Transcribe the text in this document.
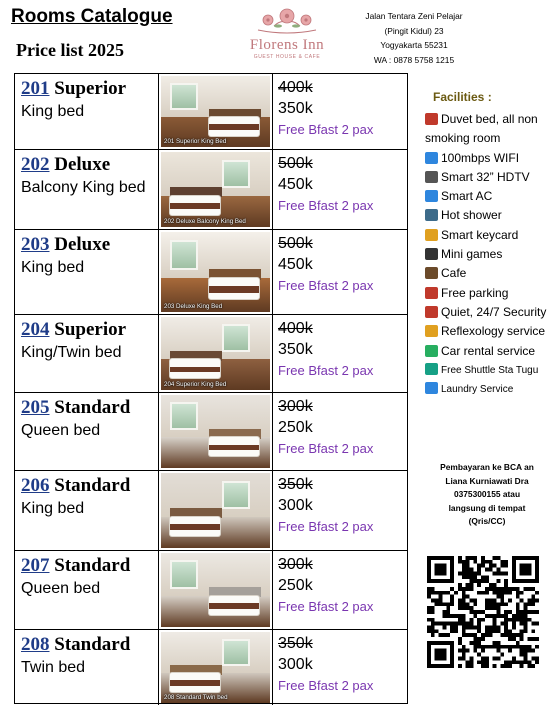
Rooms Catalogue
Price list 2025	Florens Inn
GUEST HOUSE & CAFE
Jalan Tentara Zeni Pelajar
(Pingit Kidul) 23
Yogyakarta 55231
WA : 0878 5758 1215
201 Superior
King bed
201 Superior King Bed
400k
350k
Free Bfast 2 pax
202 Deluxe
Balcony King bed
202 Deluxe Balcony King Bed
500k
450k
Free Bfast 2 pax
203 Deluxe
King bed
203 Deluxe King Bed
500k
450k
Free Bfast 2 pax
204 Superior
King/Twin bed
204 Superior King Bed
400k
350k
Free Bfast 2 pax
205 Standard
Queen bed
300k
250k
Free Bfast 2 pax
206 Standard
King bed
350k
300k
Free Bfast 2 pax
207 Standard
Queen bed
300k
250k
Free Bfast 2 pax
208 Standard
Twin bed
208 Standard Twin bed
350k
300k
Free Bfast 2 pax
Facilities :
Duvet bed, all non smoking room
100mbps WIFI
Smart 32” HDTV
Smart AC
Hot shower
Smart keycard
Mini games
Cafe
Free parking
Quiet, 24/7 Security
Reflexology service
Car rental service
Free Shuttle Sta Tugu
Laundry Service
Pembayaran ke BCA an
Liana Kurniawati Dra
0375300155 atau
langsung di tempat
(Qris/CC)
